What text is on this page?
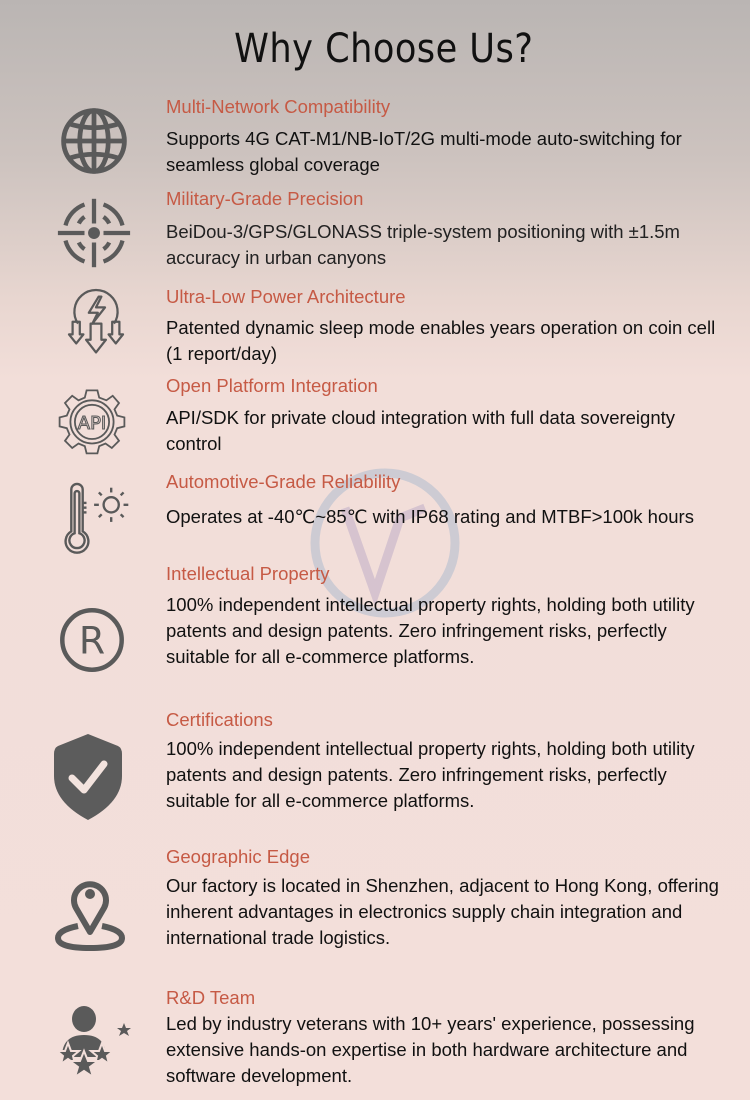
Why Choose Us?
Multi-Network Compatibility
Supports 4G CAT-M1/NB-IoT/2G multi-mode auto-switching for seamless global coverage
Military-Grade Precision
BeiDou-3/GPS/GLONASS triple-system positioning with ±1.5m accuracy in urban canyons
Ultra-Low Power Architecture
Patented dynamic sleep mode enables years operation on coin cell (1 report/day)
API
Open Platform Integration
API/SDK for private cloud integration with full data sovereignty control
Automotive-Grade Reliability
Operates at -40℃~85℃ with IP68 rating and MTBF>100k hours
R
Intellectual Property
100% independent intellectual property rights, holding both utility patents and design patents. Zero infringement risks, perfectly suitable for all e-commerce platforms.
Certifications
100% independent intellectual property rights, holding both utility patents and design patents. Zero infringement risks, perfectly suitable for all e-commerce platforms.
Geographic Edge
Our factory is located in Shenzhen, adjacent to Hong Kong, offering inherent advantages in electronics supply chain integration and international trade logistics.
R&D Team
Led by industry veterans with 10+ years' experience, possessing extensive hands-on expertise in both hardware architecture and software development.
